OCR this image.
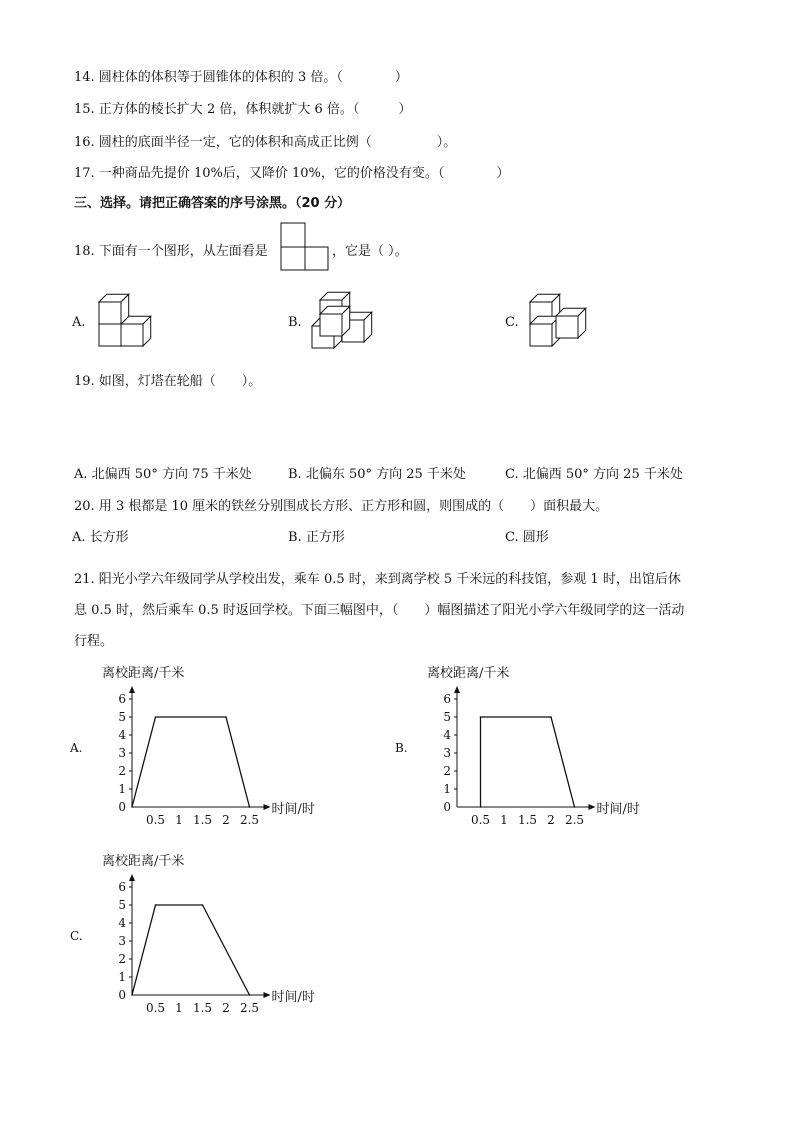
14. 圆柱体的体积等于圆锥体的体积的 3 倍。（　　　　）
15. 正方体的棱长扩大 2 倍，体积就扩大 6 倍。（　　　）
16. 圆柱的底面半径一定，它的体积和高成正比例（　　　　　）。
17. 一种商品先提价 10%后，又降价 10%，它的价格没有变。（　　　　）
三、选择。请把正确答案的序号涂黑。（20 分）
18. 下面有一个图形，从左面看是	，它是（ ）。
A.	B.	C.
19. 如图，灯塔在轮船（　　）。
A. 北偏西 50° 方向 75 千米处	B. 北偏东 50° 方向 25 千米处	C. 北偏西 50° 方向 25 千米处
20. 用 3 根都是 10 厘米的铁丝分别围成长方形、正方形和圆，则围成的（　　）面积最大。
A. 长方形	B. 正方形	C. 圆形
21. 阳光小学六年级同学从学校出发，乘车 0.5 时，来到离学校 5 千米远的科技馆，参观 1 时，出馆后休
息 0.5 时，然后乘车 0.5 时返回学校。下面三幅图中，（　　）幅图描述了阳光小学六年级同学的这一活动
行程。
A.
离校距离/千米
时间/时
0
1
2
3
4
5
6
0.5 1 1.5 2 2.5
B.
离校距离/千米
时间/时
0
1
2
3
4
5
6
0.5 1 1.5 2 2.5
C.
离校距离/千米
时间/时
0
1
2
3
4
5
6
0.5 1 1.5 2 2.5
